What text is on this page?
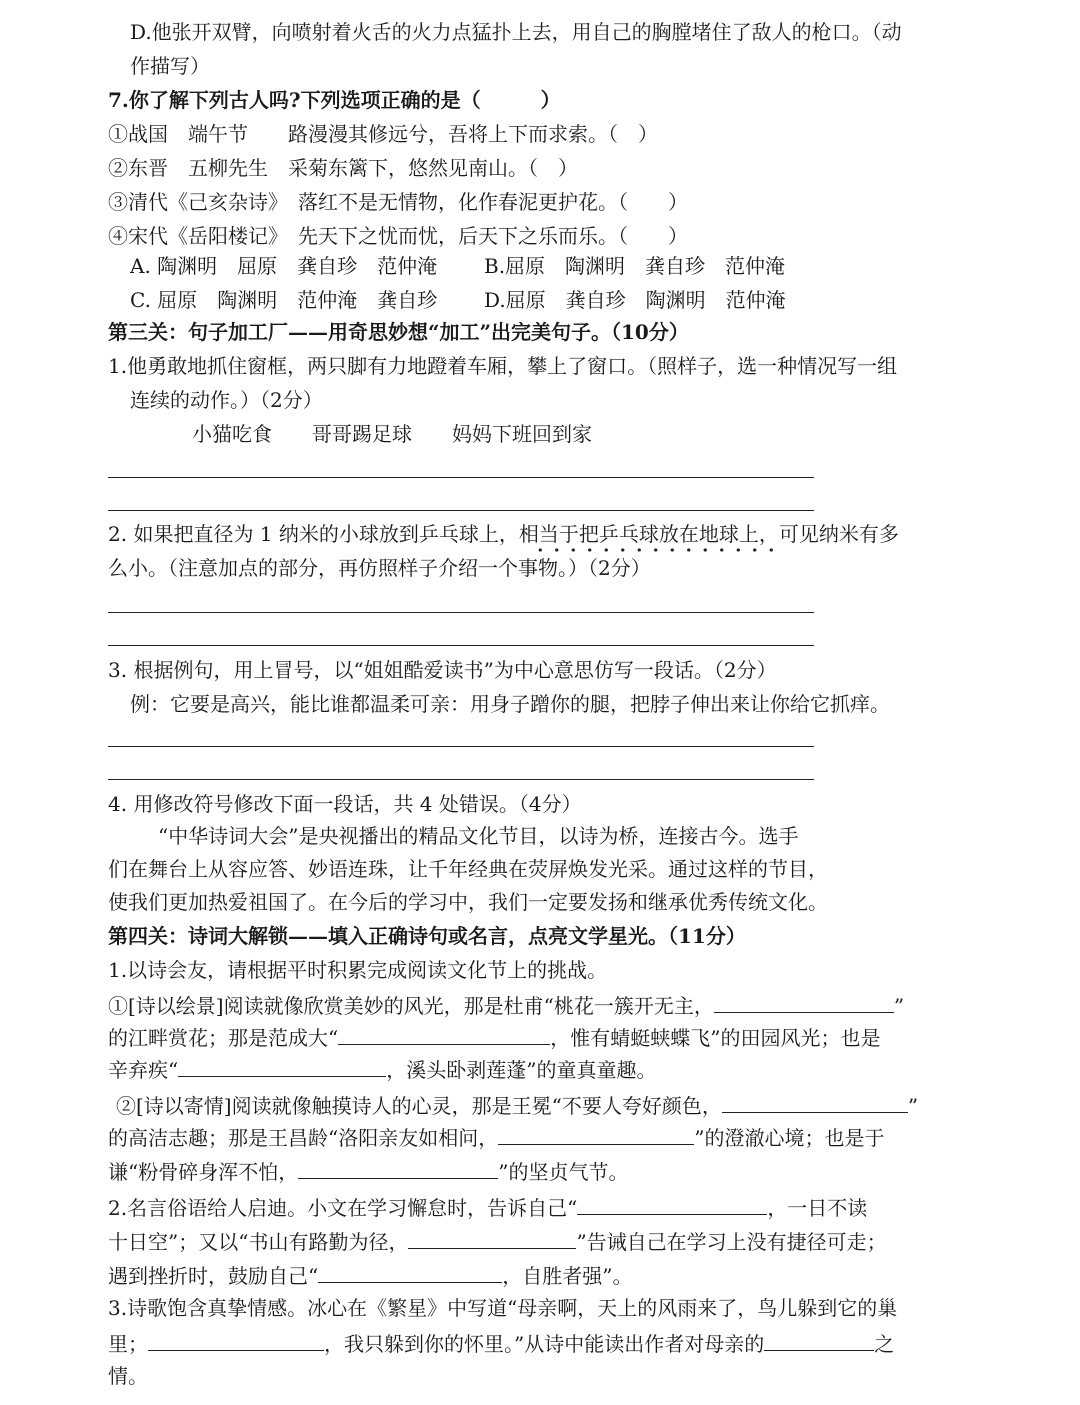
D.他张开双臂，向喷射着火舌的火力点猛扑上去，用自己的胸膛堵住了敌人的枪口。（动
作描写）
7.你了解下列古人吗?下列选项正确的是（　　　）
①战国　端午节　　路漫漫其修远兮，吾将上下而求索。（　）
②东晋　五柳先生　采菊东篱下，悠然见南山。（　）
③清代《己亥杂诗》　落红不是无情物，化作春泥更护花。（　　）
④宋代《岳阳楼记》　先天下之忧而忧，后天下之乐而乐。（　　）
A. 陶渊明　屈原　龚自珍　范仲淹 B.屈原　陶渊明　龚自珍　范仲淹
C. 屈原　陶渊明　范仲淹　龚自珍 D.屈原　龚自珍　陶渊明　范仲淹
第三关：句子加工厂——用奇思妙想“加工”出完美句子。（10分）
1.他勇敢地抓住窗框，两只脚有力地蹬着车厢，攀上了窗口。（照样子，选一种情况写一组
连续的动作。）（2分）
小猫吃食　　哥哥踢足球　　妈妈下班回到家
2. 如果把直径为 1 纳米的小球放到乒乓球上，相当于把乒乓球放在地球上，可见纳米有多
么小。（注意加点的部分，再仿照样子介绍一个事物。）（2分）
3. 根据例句，用上冒号，以“姐姐酷爱读书”为中心意思仿写一段话。（2分）
例：它要是高兴，能比谁都温柔可亲：用身子蹭你的腿，把脖子伸出来让你给它抓痒。
4. 用修改符号修改下面一段话，共 4 处错误。（4分）
“中华诗词大会”是央视播出的精品文化节目，以诗为桥，连接古今。选手
们在舞台上从容应答、妙语连珠，让千年经典在荧屏焕发光采。通过这样的节目，
使我们更加热爱祖国了。在今后的学习中，我们一定要发扬和继承优秀传统文化。
第四关：诗词大解锁——填入正确诗句或名言，点亮文学星光。（11分）
1.以诗会友，请根据平时积累完成阅读文化节上的挑战。
①[诗以绘景]阅读就像欣赏美妙的风光，那是杜甫“桃花一簇开无主，	”
的江畔赏花；那是范成大“	，惟有蜻蜓蛱蝶飞”的田园风光；也是
辛弃疾“	，溪头卧剥莲蓬”的童真童趣。
②[诗以寄情]阅读就像触摸诗人的心灵，那是王冕“不要人夸好颜色，	”
的高洁志趣；那是王昌龄“洛阳亲友如相问，	”的澄澈心境；也是于
谦“粉骨碎身浑不怕，	”的坚贞气节。
2.名言俗语给人启迪。小文在学习懈怠时，告诉自己“	，一日不读
十日空”；又以“书山有路勤为径，	”告诫自己在学习上没有捷径可走；
遇到挫折时，鼓励自己“	，自胜者强”。
3.诗歌饱含真挚情感。冰心在《繁星》中写道“母亲啊，天上的风雨来了，鸟儿躲到它的巢
里；	，我只躲到你的怀里。”从诗中能读出作者对母亲的	之
情。
